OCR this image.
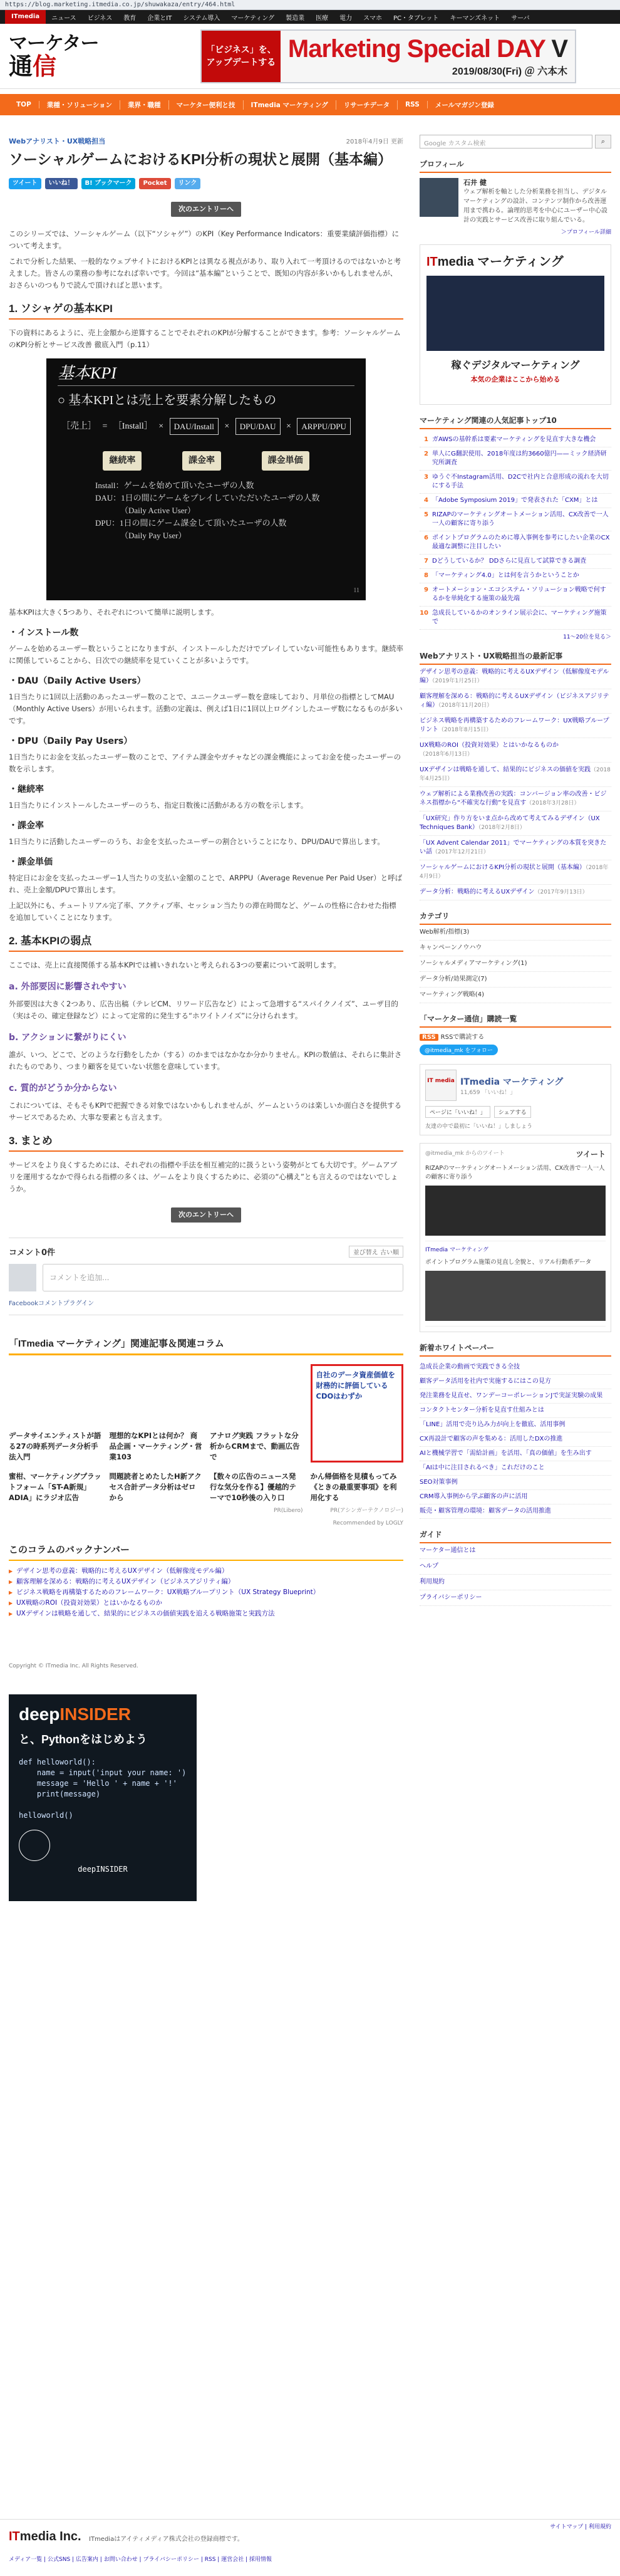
https://blog.marketing.itmedia.co.jp/shuwakaza/entry/464.html
ITmedia	ニュース	ビジネス	教育	企業とIT	システム導入	マーケティング	製造業	医療	電力	スマホ	PC・タブレット	キーマンズネット	サーバ
マーケター
通信
「ビジネス」を、アップデートする Marketing Special DAY V
2019/08/30(Fri) ＠ 六本木
TOP	業種・ソリューション	業界・職種	マーケター便利と技	ITmedia マーケティング	リサーチデータ	RSS	メールマガジン登録
Webアナリスト・UX戦略担当	2018年4月9日 更新
ソーシャルゲームにおけるKPI分析の現状と展開（基本編）
ツイート	いいね！	B! ブックマーク	Pocket	リンク
次のエントリーへ

このシリーズでは、ソーシャルゲーム（以下“ソシャゲ”）のKPI（Key Performance Indicators：重要業績評価指標）について考えます。

これで分析した結果、一般的なウェブサイトにおけるKPIとは異なる視点があり、取り入れて一考頂けるのではないかと考えました。皆さんの業務の参考になれば幸いです。今回は“基本編”ということで、既知の内容が多いかもしれませんが、おさらいのつもりで読んで頂ければと思います。

1. ソシャゲの基本KPI

下の資料にあるように、売上金額から逆算することでそれぞれのKPIが分解することができます。参考：ソーシャルゲームのKPI分析とサービス改善 徹底入門（p.11）

基本KPI
○ 基本KPIとは売上を要素分解したもの
［売上］ = ［Install］ ×	DAU/Install	×	DPU/DAU	×	ARPPU/DPU
継続率	課金率	課金単価
Install：ゲームを始めて頂いたユーザの人数
DAU：1日の間にゲームをプレイしていただいたユーザの人数
（Daily Active User）
DPU：1日の間にゲーム課金して頂いたユーザの人数
（Daily Pay User）
11

基本KPIは大きく5つあり、それぞれについて簡単に説明します。

・インストール数

ゲームを始めるユーザー数ということになりますが、インストールしただけでプレイしていない可能性もあります。継続率に関係していることから、日次での継続率を見ていくことが多いようです。

・DAU（Daily Active Users）

1日当たりに1回以上活動のあったユーザー数のことで、ユニークユーザー数を意味しており、月単位の指標としてMAU（Monthly Active Users）が用いられます。活動の定義は、例えば1日に1回以上ログインしたユーザ数になるものが多いです。

・DPU（Daily Pay Users）

1日当たりにお金を支払ったユーザー数のことで、アイテム課金やガチャなどの課金機能によってお金を使ったユーザーの数を示します。

・継続率

1日当たりにインストールしたユーザーのうち、指定日数後に活動がある方の数を示します。

・課金率

1日当たりに活動したユーザーのうち、お金を支払ったユーザーの割合ということになり、DPU/DAUで算出します。

・課金単価

特定日にお金を支払ったユーザー1人当たりの支払い金額のことで、ARPPU（Average Revenue Per Paid User）と呼ばれ、売上金額/DPUで算出します。

上記以外にも、チュートリアル完了率、アクティブ率、セッション当たりの滞在時間など、ゲームの性格に合わせた指標を追加していくことになります。

2. 基本KPIの弱点

ここでは、売上に直接関係する基本KPIでは補いきれないと考えられる3つの要素について説明します。

a. 外部要因に影響されやすい

外部要因は大きく2つあり、広告出稿（テレビCM、リワード広告など）によって急増する“スパイクノイズ”、ユーザ目的（実はその、確定登録など）によって定常的に発生する“ホワイトノイズ”に分けられます。

b. アクションに繋がりにくい

誰が、いつ、どこで、どのような行動をしたか（する）のかまではなかなか分かりません。KPIの数値は、それらに集計されたものであり、つまり顧客を見ていない状態を意味しています。

c. 質的がどうか分からない

これについては、そもそもKPIで把握できる対象ではないかもしれませんが、ゲームというのは楽しいか面白さを提供するサービスであるため、大事な要素とも言えます。

3. まとめ

サービスをより良くするためには、それぞれの指標や手法を相互補完的に扱うという姿勢がとても大切です。ゲームアプリを運用するなかで得られる指標の多くは、ゲームをより良くするために、必須の“心構え”とも言えるのではないでしょうか。

次のエントリーへ
コメント0件	並び替え 古い順
コメントを追加...
Facebookコメントプラグイン
「ITmedia マーケティング」関連記事＆関連コラム
データサイエンティストが語る27の時系列データ分析手法入門
理想的なKPIとは何か？ 商品企画・マーケティング・営業103
アナログ実践 フラットな分析からCRMまで、動画広告で
自社のデータ資産価値を財務的に評価しているCDOはわずか
蜜柑、マーケティングプラットフォーム「ST-A新規」ADIA」にラジオ広告
問題読者とめたしたH新アクセス合計データ分析はゼロから
【数々の広告のニュース発行な気分を作る】優越的テーマで10秒後の入り口
PR(Libero)
かん帰価格を見積もってみ《ときの最重要事項》を利用化する
PR(アシンガーテクノロジー)
Recommended by LOGLY
このコラムのバックナンバー
▶ デザイン思考の意義：戦略的に考えるUXデザイン（低解像度モデル編）
▶ 顧客理解を深める：戦略的に考えるUXデザイン（ビジネスアジリティ編）
▶ ビジネス戦略を再構築するためのフレームワーク：UX戦略ブループリント（UX Strategy Blueprint）
▶ UX戦略のROI（投資対効果）とはいかなるものか
▶ UXデザインは戦略を通して、結果的にビジネスの価値実践を追える戦略施策と実践方法
Copyright © ITmedia Inc. All Rights Reserved.
deepINSIDER
と、Pythonをはじめよう
def helloworld():
name = input('input your name: ')
message = 'Hello ' + name + '!'
print(message)

helloworld()
deepINSIDER
Google カスタム検索	⌕
プロフィール
石井 健
ウェブ解析を軸とした分析業務を担当し、デジタルマーケティングの設計、コンテンツ制作から改善運用まで携わる。論理的思考を中心にユーザー中心設計の実践とサービス改善に取り組んでいる。
＞プロフィール詳細
ITmedia マーケティング
稼ぐデジタルマーケティング
本気の企業はここから始める
マーケティング関連の人気記事トップ10
1 ガAWSの基幹系は要素マーケティングを見直す大きな機会
2 単人にG翻訳使用、2018年度は約3660億円——ミック経済研究所調査
3 ゆうぐ不Instagram活用、D2Cで社内と合意形成の流れを大切にする手法
4 「Adobe Symposium 2019」で発表された「CXM」とは
5 RIZAPのマーケティングオートメーション活用、CX改善で一人一人の顧客に寄り添う
6 ポイントプログラムのために導入事例を参考にしたい企業のCX最適な調整に注目したい
7 Dどうしているか？ DDさらに見直して試算できる調査
8 「マーケティング4.0」とは何を言うかということか
9 オートメーション・エコシステム・ソリューション戦略で何するかを単純化する施策の最先端
10 急成長しているかのオンライン展示会に、マーケティング施策で
11〜20位を見る＞
Webアナリスト・UX戦略担当の最新記事
デザイン思考の意義：戦略的に考えるUXデザイン（低解像度モデル編）（2019年1月25日）
顧客理解を深める：戦略的に考えるUXデザイン（ビジネスアジリティ編）（2018年11月20日）
ビジネス戦略を再構築するためのフレームワーク：UX戦略ブループリント（2018年8月15日）
UX戦略のROI（投資対効果）とはいかなるものか（2018年6月13日）
UXデザインは戦略を通して、結果的にビジネスの価値を実践（2018年4月25日）
ウェブ解析による業務改善の実践：コンバージョン率の改善・ビジネス指標から“不確実な行動”を見直す（2018年3月28日）
「UX研究」作り方をいま点から改めて考えてみるデザイン（UX Techniques Bank）（2018年2月8日）
「UX Advent Calendar 2011」でマーケティングの本質を突きたい話（2017年12月21日）
ソーシャルゲームにおけるKPI分析の現状と展開（基本編）（2018年4月9日）
データ分析：戦略的に考えるUXデザイン（2017年9月13日）
カテゴリ
Web解析/指標(3)
キャンペーンノウハウ
ソーシャルメディアマーケティング(1)
データ分析/効果測定(7)
マーケティング戦略(4)
「マーケター通信」購読一覧
RSS RSSで購読する
@itmedia_mk をフォロー
IT media ITmedia マーケティング
11,659 「いいね！」
ページに「いいね！」	シェアする
友達の中で最初に「いいね！」しましょう
@itmedia_mk からのツイート	ツイート
RIZAPのマーケティングオートメーション活用、CX改善で一人一人の顧客に寄り添う
ITmedia マーケティング
ポイントプログラム施策の見直し全貌と、リアル行動系データ
新着ホワイトペーパー
急成長企業の動画で実践できる全技
顧客データ活用を社内で実施するにはこの見方
発注業務を見直せ、ワンデーコーポレーションJで実証実験の成果
コンタクトセンター分析を見直す仕組みとは
「LINE」活用で売り込み力が向上を徹底、活用事例
CX再設計で顧客の声を集める：活用したDXの推進
AIと機械学習で「需給計画」を活用、「真の価値」を生み出す
「AIは中に注目されるべき」これだけのこと
SEO対策事例
CRM導入事例から学ぶ顧客の声に活用
販売・顧客管理の環境：顧客データの活用推進
ガイド
マーケター通信とは
ヘルプ
利用規約
プライバシーポリシー
サイトマップ | 利用規約
ITmedia Inc. ITmediaはアイティメディア株式会社の登録商標です。
メディア一覧 | 公式SNS | 広告案内 | お問い合わせ | プライバシーポリシー | RSS | 運営会社 | 採用情報
